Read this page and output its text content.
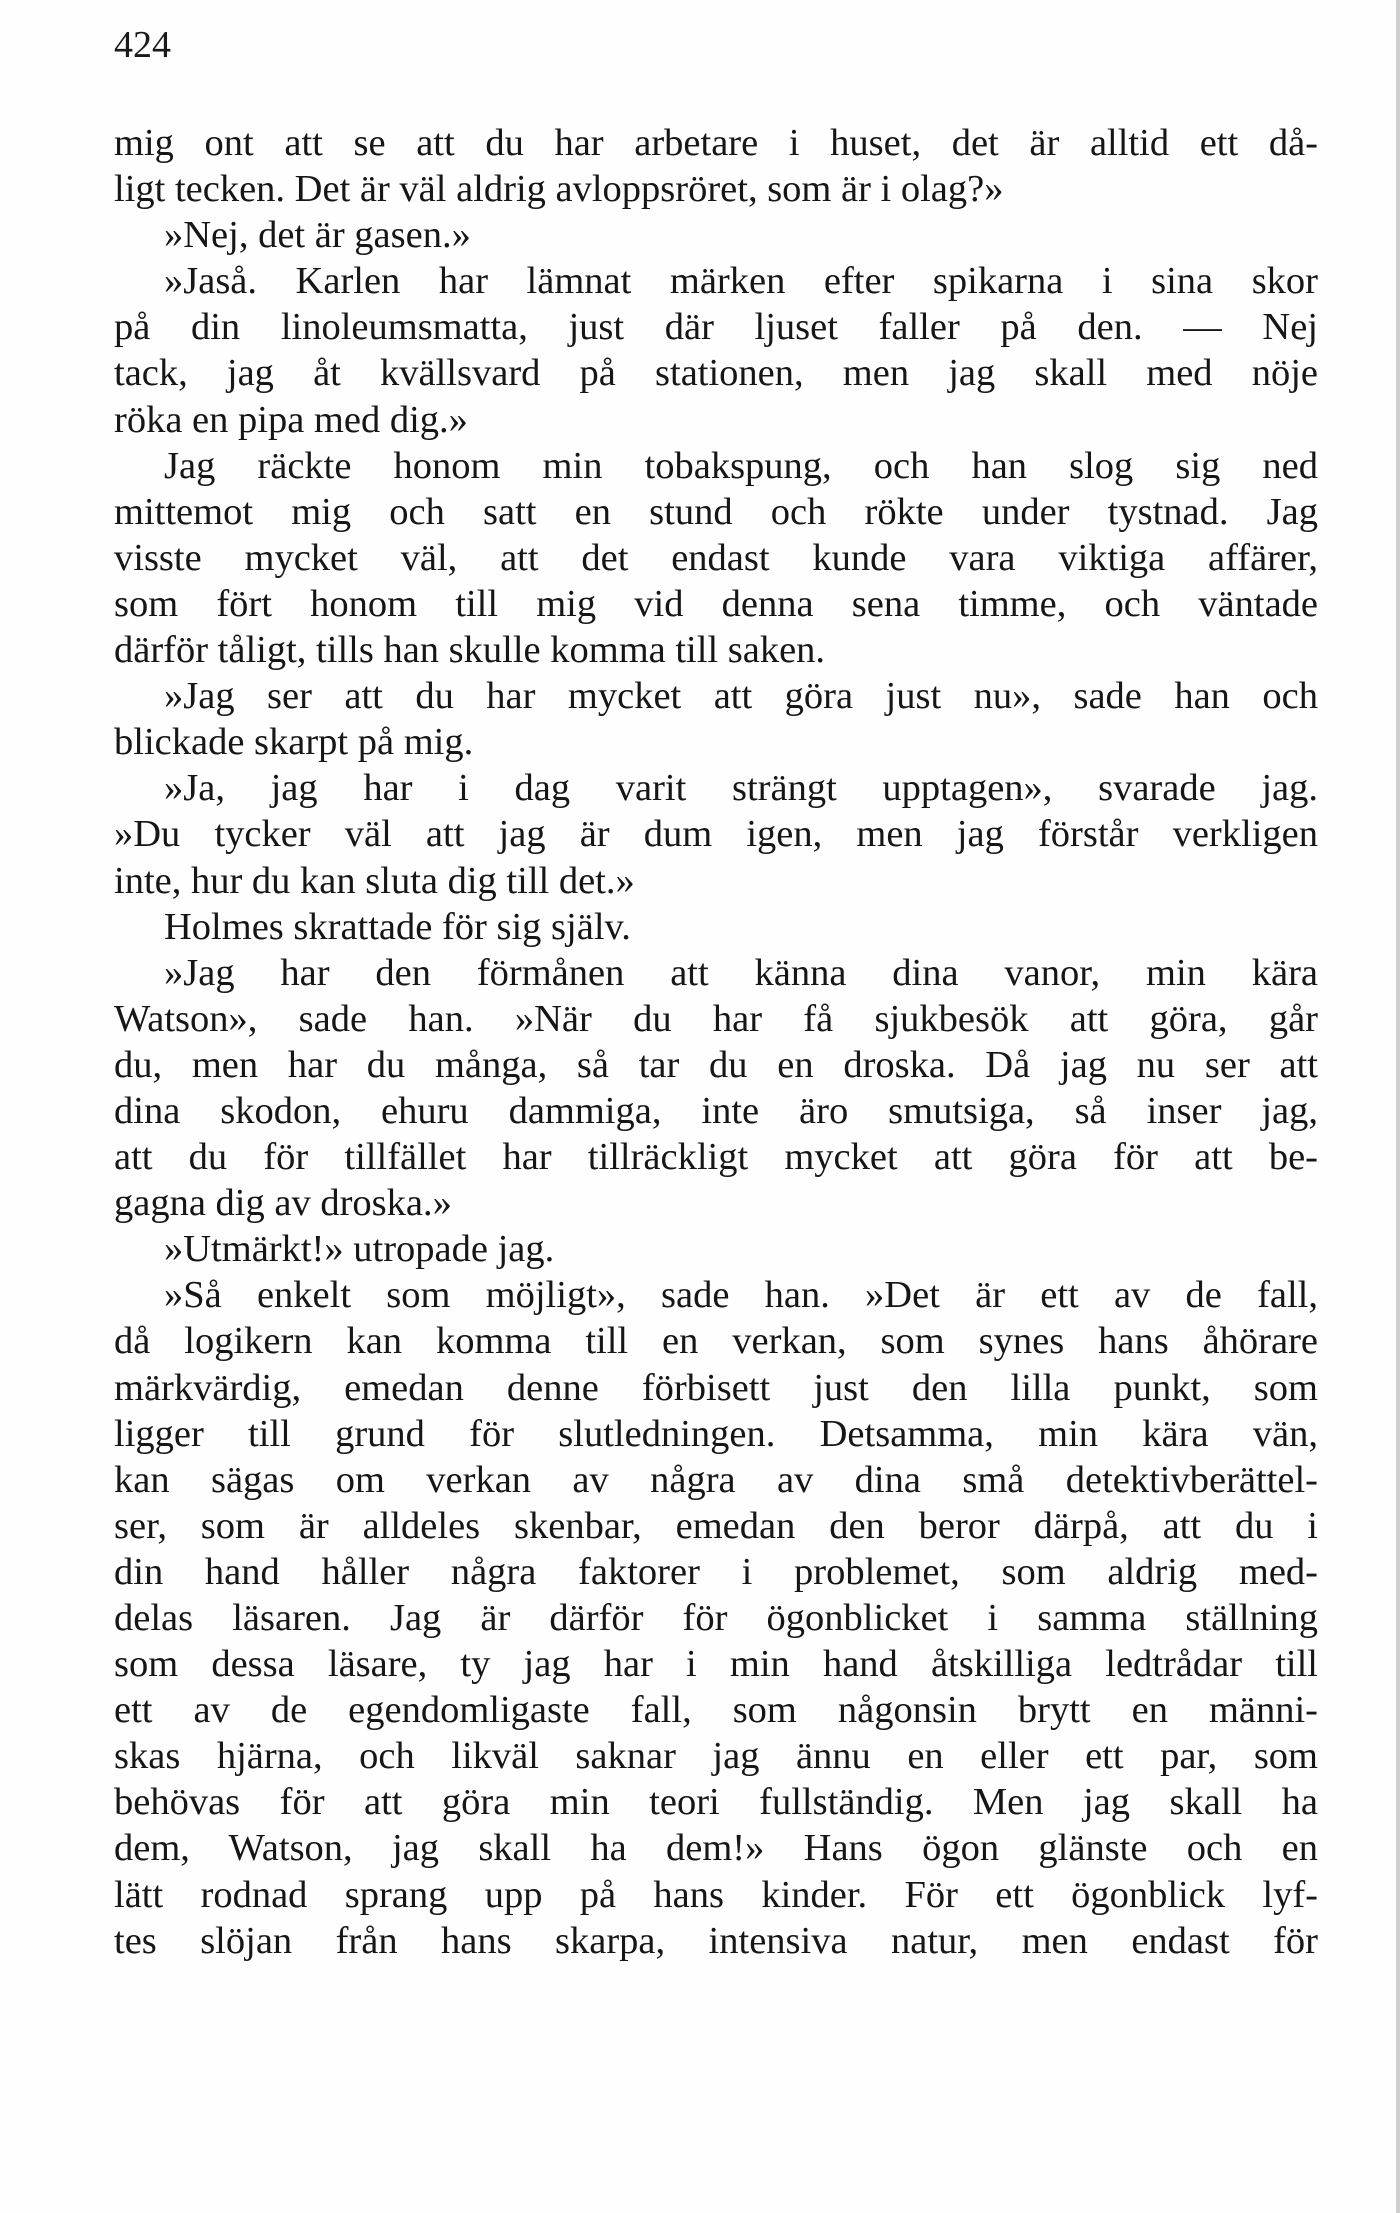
424
mig ont att se att du har arbetare i huset, det är alltid ett då-
ligt tecken. Det är väl aldrig avloppsröret, som är i olag?»
»Nej, det är gasen.»
»Jaså. Karlen har lämnat märken efter spikarna i sina skor
på din linoleumsmatta, just där ljuset faller på den. — Nej
tack, jag åt kvällsvard på stationen, men jag skall med nöje
röka en pipa med dig.»
Jag räckte honom min tobakspung, och han slog sig ned
mittemot mig och satt en stund och rökte under tystnad. Jag
visste mycket väl, att det endast kunde vara viktiga affärer,
som fört honom till mig vid denna sena timme, och väntade
därför tåligt, tills han skulle komma till saken.
»Jag ser att du har mycket att göra just nu», sade han och
blickade skarpt på mig.
»Ja, jag har i dag varit strängt upptagen», svarade jag.
»Du tycker väl att jag är dum igen, men jag förstår verkligen
inte, hur du kan sluta dig till det.»
Holmes skrattade för sig själv.
»Jag har den förmånen att känna dina vanor, min kära
Watson», sade han. »När du har få sjukbesök att göra, går
du, men har du många, så tar du en droska. Då jag nu ser att
dina skodon, ehuru dammiga, inte äro smutsiga, så inser jag,
att du för tillfället har tillräckligt mycket att göra för att be-
gagna dig av droska.»
»Utmärkt!» utropade jag.
»Så enkelt som möjligt», sade han. »Det är ett av de fall,
då logikern kan komma till en verkan, som synes hans åhörare
märkvärdig, emedan denne förbisett just den lilla punkt, som
ligger till grund för slutledningen. Detsamma, min kära vän,
kan sägas om verkan av några av dina små detektivberättel-
ser, som är alldeles skenbar, emedan den beror därpå, att du i
din hand håller några faktorer i problemet, som aldrig med-
delas läsaren. Jag är därför för ögonblicket i samma ställning
som dessa läsare, ty jag har i min hand åtskilliga ledtrådar till
ett av de egendomligaste fall, som någonsin brytt en männi-
skas hjärna, och likväl saknar jag ännu en eller ett par, som
behövas för att göra min teori fullständig. Men jag skall ha
dem, Watson, jag skall ha dem!» Hans ögon glänste och en
lätt rodnad sprang upp på hans kinder. För ett ögonblick lyf-
tes slöjan från hans skarpa, intensiva natur, men endast för
